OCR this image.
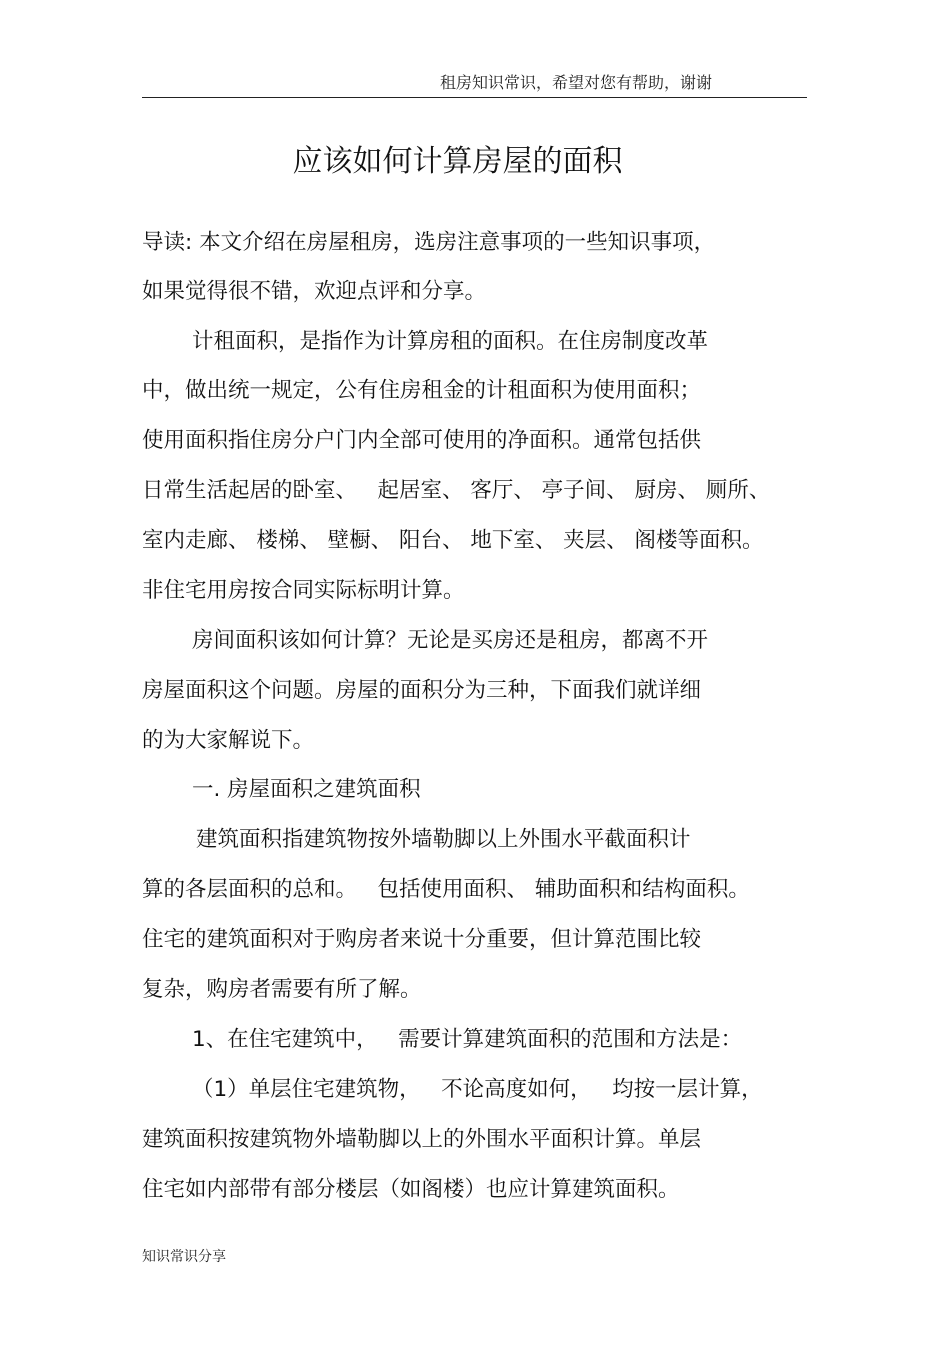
租房知识常识，希望对您有帮助，谢谢
应该如何计算房屋的面积
导读: 本文介绍在房屋租房，选房注意事项的一些知识事项，
如果觉得很不错，欢迎点评和分享。
计租面积，是指作为计算房租的面积。在住房制度改革
中，做出统一规定，公有住房租金的计租面积为使用面积；
使用面积指住房分户门内全部可使用的净面积。通常包括供
日常生活起居的卧室、   起居室、 客厅、 亭子间、 厨房、 厕所、
室内走廊、 楼梯、 壁橱、 阳台、 地下室、 夹层、 阁楼等面积。
非住宅用房按合同实际标明计算。
房间面积该如何计算？无论是买房还是租房，都离不开
房屋面积这个问题。房屋的面积分为三种，下面我们就详细
的为大家解说下。
一. 房屋面积之建筑面积
建筑面积指建筑物按外墙勒脚以上外围水平截面积计
算的各层面积的总和。   包括使用面积、 辅助面积和结构面积。
住宅的建筑面积对于购房者来说十分重要，但计算范围比较
复杂，购房者需要有所了解。
1、在住宅建筑中，   需要计算建筑面积的范围和方法是：
（1）单层住宅建筑物，   不论高度如何，   均按一层计算，
建筑面积按建筑物外墙勒脚以上的外围水平面积计算。单层
住宅如内部带有部分楼层（如阁楼）也应计算建筑面积。
知识常识分享
